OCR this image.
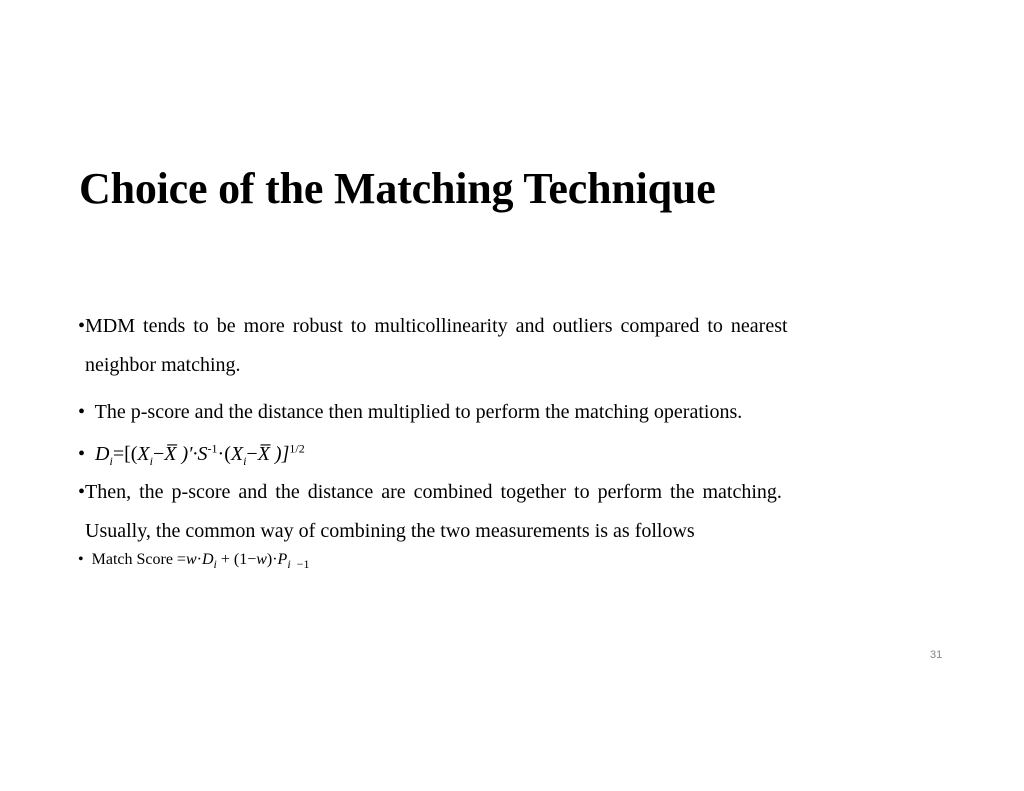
Choice of the Matching Technique
•MDM tends to be more robust to multicollinearity and outliers compared to nearest
neighbor matching.
• The p-score and the distance then multiplied to perform the matching operations.
• $D_i=[(X_i-X̅$ )$'\cdot S^{-1}\cdot(X_i-X̅$ )]$^{1/2}$
•Then, the p-score and the distance are combined together to perform the matching.
Usually, the common way of combining the two measurements is as follows
• Match Score $=w\cdot D_i + (1-w)\cdot P_{i -1}$
31
